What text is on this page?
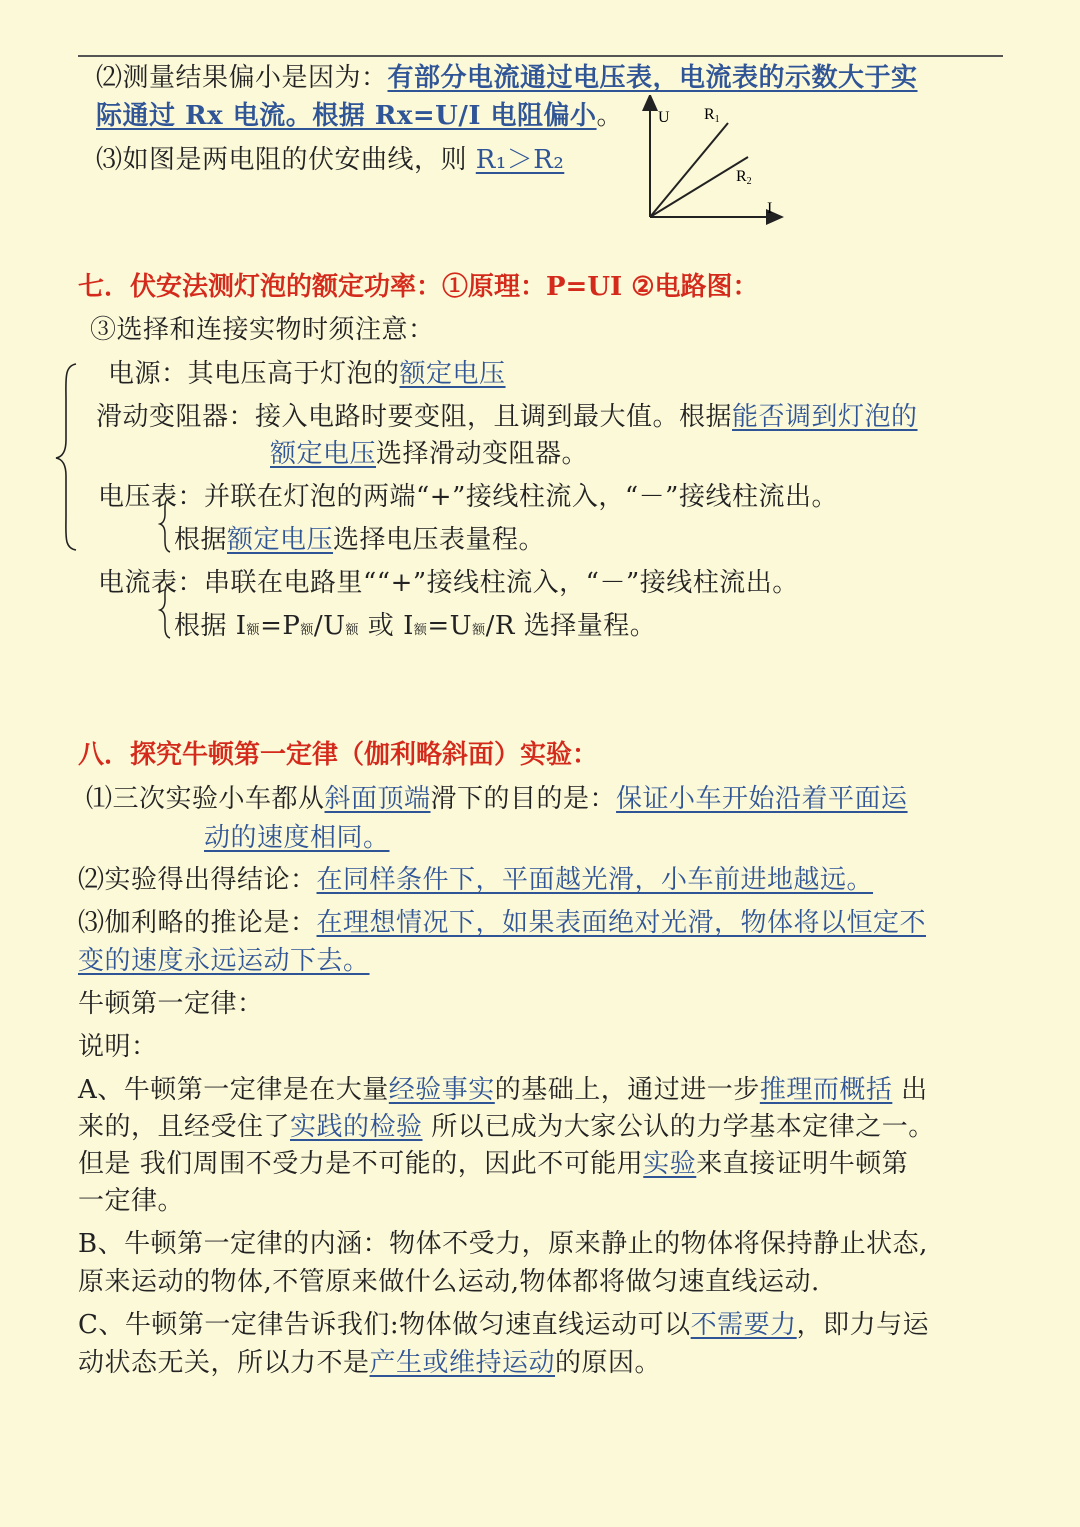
⑵测量结果偏小是因为：有部分电流通过电压表，电流表的示数大于实
际通过 Rx 电流。根据 Rx=U/I 电阻偏小。
⑶如图是两电阻的伏安曲线，则 R₁＞R₂
U R1
R2
I
七．伏安法测灯泡的额定功率：①原理：P=UI ②电路图：
③选择和连接实物时须注意：
电源：其电压高于灯泡的额定电压
滑动变阻器：接入电路时要变阻，且调到最大值。根据能否调到灯泡的
额定电压选择滑动变阻器。
电压表：并联在灯泡的两端“+”接线柱流入，“－”接线柱流出。
根据额定电压选择电压表量程。
电流表：串联在电路里““+”接线柱流入，“－”接线柱流出。
根据 I额=P额/U额 或 I额=U额/R 选择量程。
八．探究牛顿第一定律（伽利略斜面）实验：
⑴三次实验小车都从斜面顶端滑下的目的是：保证小车开始沿着平面运
动的速度相同。
⑵实验得出得结论：在同样条件下，平面越光滑，小车前进地越远。
⑶伽利略的推论是：在理想情况下，如果表面绝对光滑，物体将以恒定不
变的速度永远运动下去。
牛顿第一定律：
说明：
A、牛顿第一定律是在大量经验事实的基础上，通过进一步推理而概括 出
来的，且经受住了实践的检验 所以已成为大家公认的力学基本定律之一。
但是 我们周围不受力是不可能的，因此不可能用实验来直接证明牛顿第
一定律。
B、牛顿第一定律的内涵：物体不受力，原来静止的物体将保持静止状态,
原来运动的物体,不管原来做什么运动,物体都将做匀速直线运动.
C、牛顿第一定律告诉我们:物体做匀速直线运动可以不需要力，即力与运
动状态无关，所以力不是产生或维持运动的原因。
